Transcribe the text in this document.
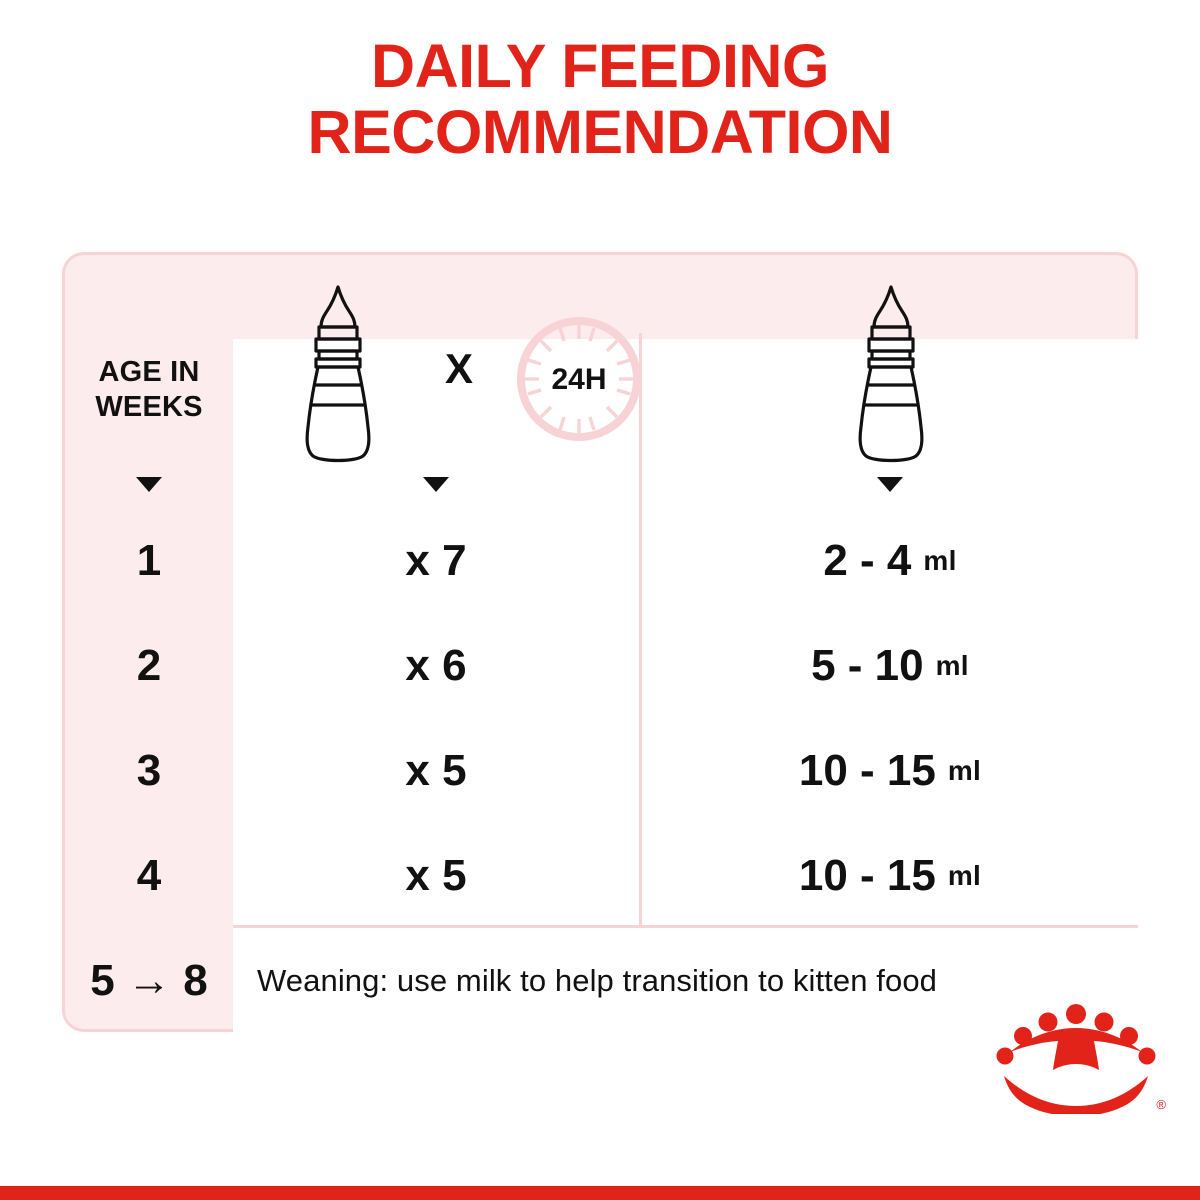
DAILY FEEDING
RECOMMENDATION
AGE IN
WEEKS
X	24H
1	x 7	2 - 4 ml
2	x 6	5 - 10 ml
3	x 5	10 - 15 ml
4	x 5	10 - 15 ml
5 → 8	Weaning: use milk to help transition to kitten food
®
